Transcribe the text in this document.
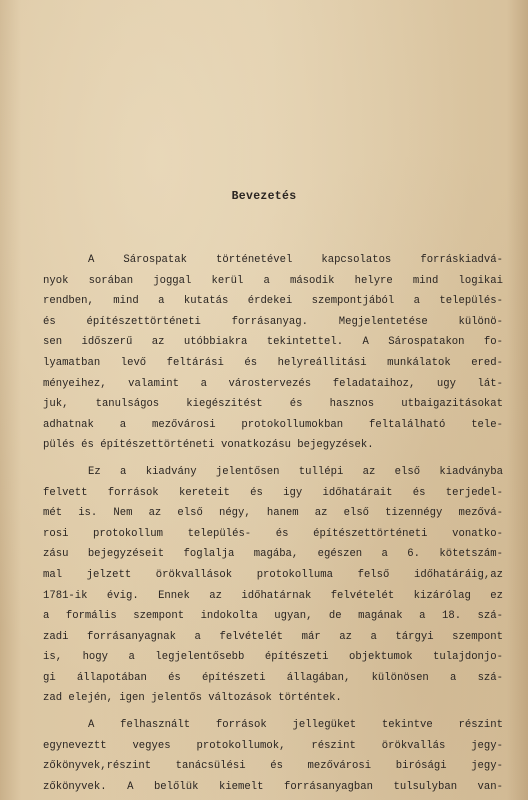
Bevezetés
A Sárospatak történetével kapcsolatos forráskiadvá-
nyok sorában joggal kerül a második helyre mind logikai
rendben, mind a kutatás érdekei szempontjából a település-
és építészettörténeti forrásanyag. Megjelentetése különö-
sen időszerű az utóbbiakra tekintettel. A Sárospatakon fo-
lyamatban levő feltárási és helyreállitási munkálatok ered-
ményeihez, valamint a várostervezés feladataihoz, ugy lát-
juk, tanulságos kiegészitést és hasznos utbaigazitásokat
adhatnak a mezővárosi protokollumokban feltalálható tele-
pülés és építészettörténeti vonatkozásu bejegyzések.
Ez a kiadvány jelentősen tullépi az első kiadványba
felvett források kereteit és igy időhatárait és terjedel-
mét is. Nem az első négy, hanem az első tizennégy mezővá-
rosi protokollum település- és építészettörténeti vonatko-
zásu bejegyzéseit foglalja magába, egészen a 6. kötetszám-
mal jelzett örökvallások protokolluma felső időhatáráig,az
1781-ik évig. Ennek az időhatárnak felvételét kizárólag ez
a formális szempont indokolta ugyan, de magának a 18. szá-
zadi forrásanyagnak a felvételét már az a tárgyi szempont
is, hogy a legjelentősebb építészeti objektumok tulajdonjo-
gi állapotában és építészeti állagában, különösen a szá-
zad elején, igen jelentős változások történtek.
A felhasznált források jellegüket tekintve részint
egyneveztt vegyes protokollumok, részint örökvallás jegy-
zőkönyvek,részint tanácsülési és mezővárosi birósági jegy-
zőkönyvek. A belőlük kiemelt forrásanyagban tulsulyban van-
